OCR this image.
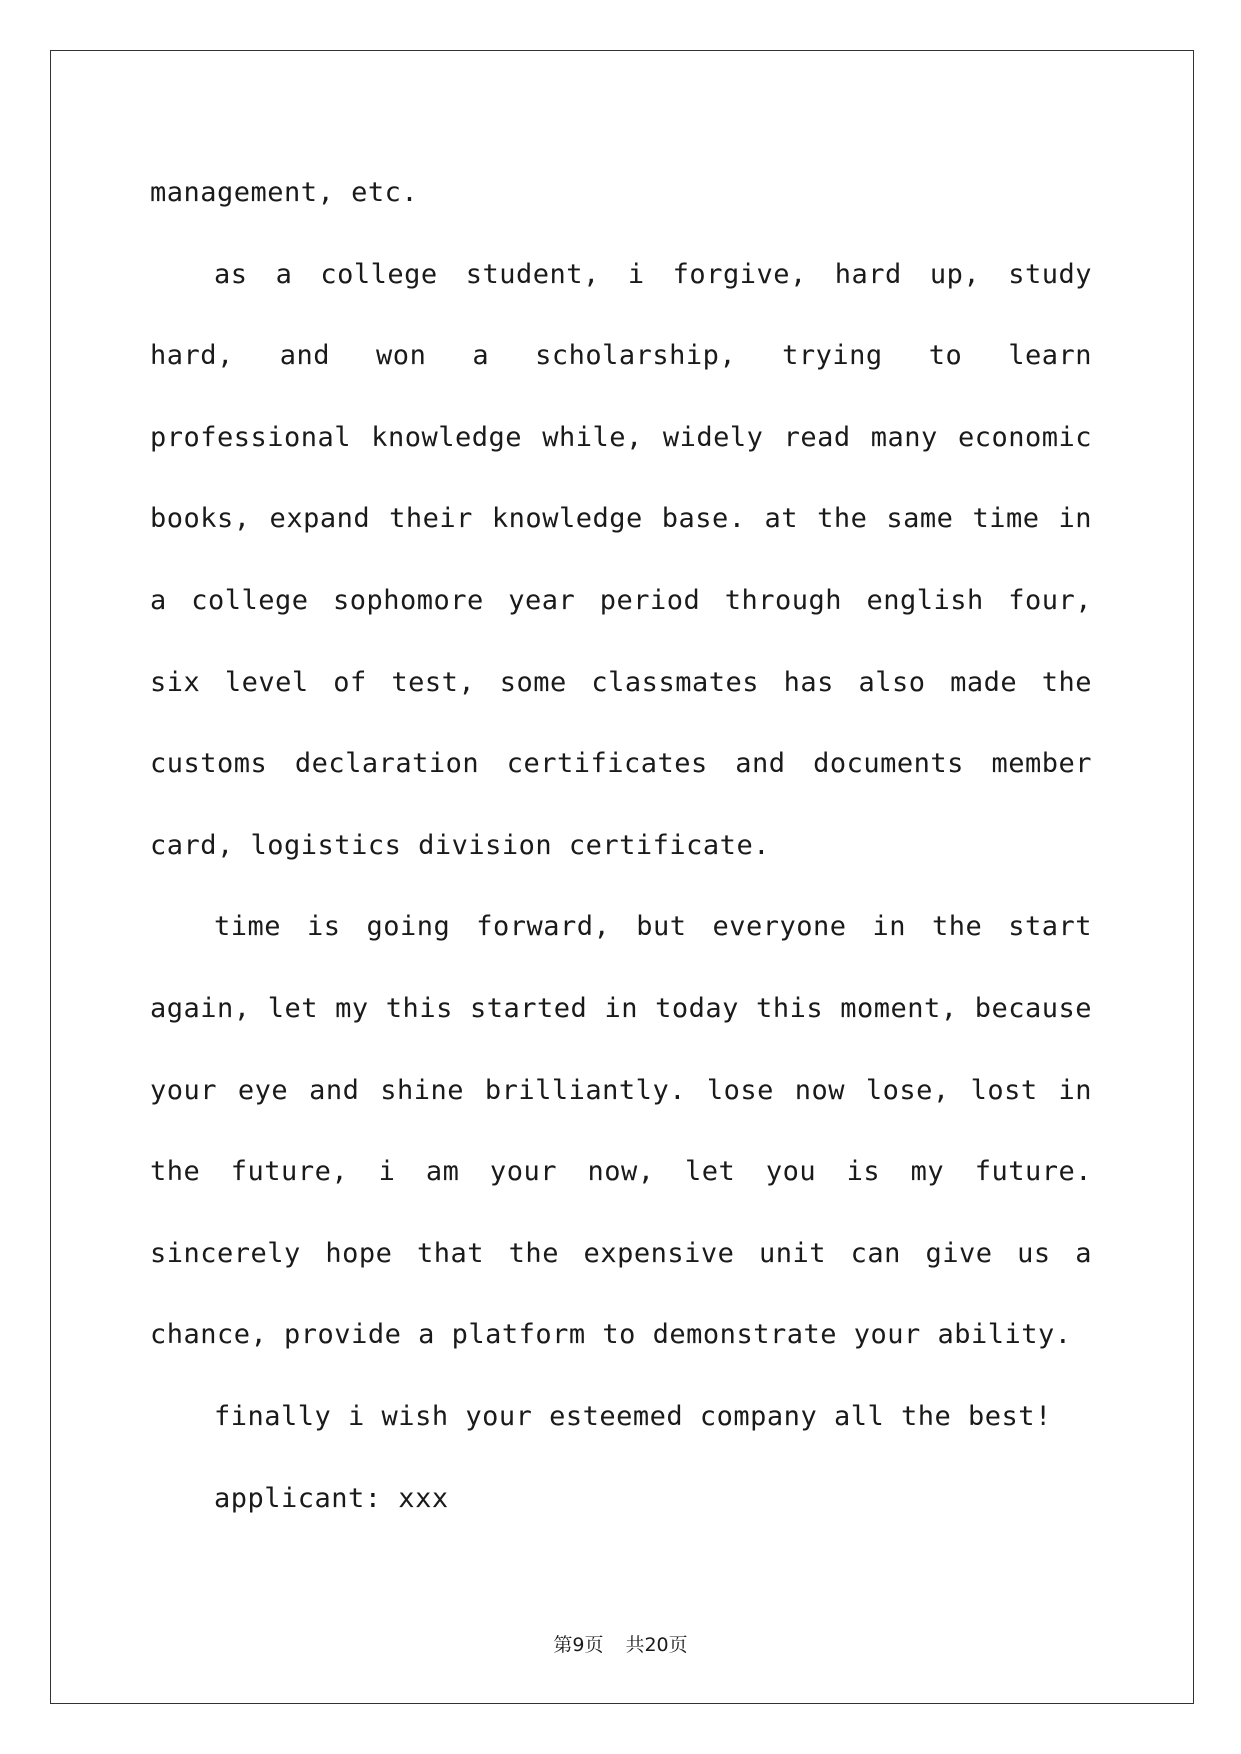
management, etc.

as a college student, i forgive, hard up, study hard, and won a scholarship, trying to learn professional knowledge while, widely read many economic books, expand their knowledge base. at the same time in a college sophomore year period through english four, six level of test, some classmates has also made the customs declaration certificates and documents member card, logistics division certificate.

time is going forward, but everyone in the start again, let my this started in today this moment, because your eye and shine brilliantly. lose now lose, lost in the future, i am your now, let you is my future. sincerely hope that the expensive unit can give us a chance, provide a platform to demonstrate your ability.

finally i wish your esteemed company all the best!

applicant: xxx

第9页 共20页
